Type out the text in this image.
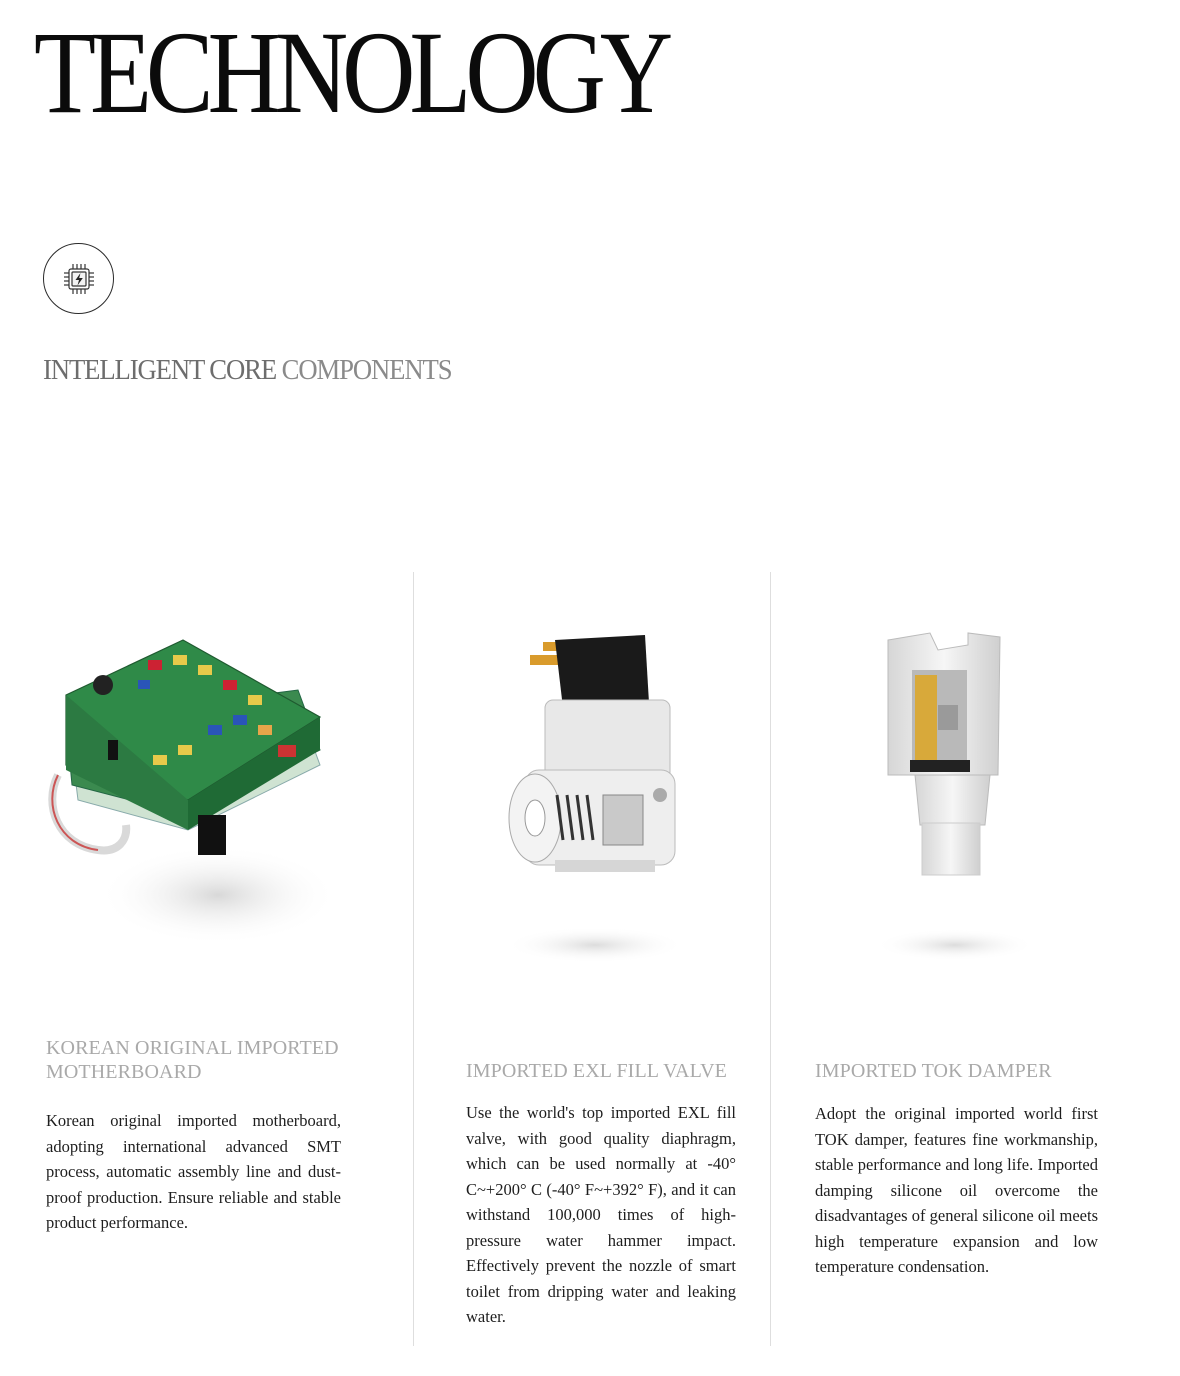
TECHNOLOGY
INTELLIGENT CORE COMPONENTS
KOREAN ORIGINAL IMPORTED MOTHERBOARD
Korean original imported motherboard, adopting international advanced SMT process, automatic assembly line and dust-proof production. Ensure reliable and stable product performance.
IMPORTED EXL FILL VALVE
Use the world's top imported EXL fill valve, with good quality diaphragm, which can be used normally at -40° C~+200° C (-40° F~+392° F), and it can withstand 100,000 times of high-pressure water hammer impact. Effectively prevent the nozzle of smart toilet from dripping water and leaking water.
IMPORTED TOK DAMPER
Adopt the original imported world first TOK damper, features fine workmanship, stable performance and long life. Imported damping silicone oil overcome the disadvantages of general silicone oil meets high temperature expansion and low temperature condensation.
